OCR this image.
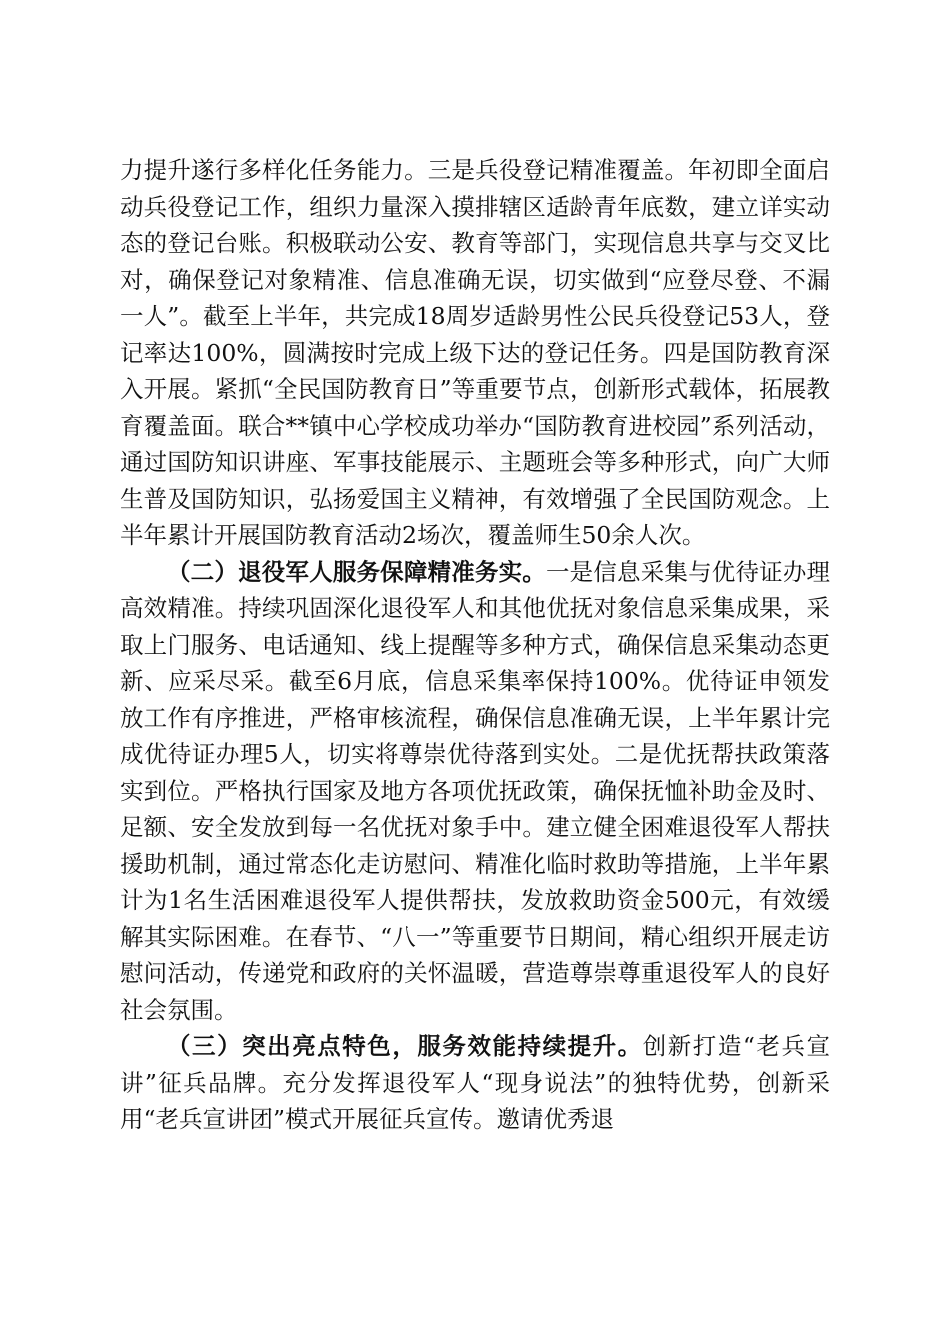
力提升遂行多样化任务能力。三是兵役登记精准覆盖。年初即全面启动兵役登记工作，组织力量深入摸排辖区适龄青年底数，建立详实动态的登记台账。积极联动公安、教育等部门，实现信息共享与交叉比对，确保登记对象精准、信息准确无误，切实做到“应登尽登、不漏一人”。截至上半年，共完成18周岁适龄男性公民兵役登记53人，登记率达100%，圆满按时完成上级下达的登记任务。四是国防教育深入开展。紧抓“全民国防教育日”等重要节点，创新形式载体，拓展教育覆盖面。联合**镇中心学校成功举办“国防教育进校园”系列活动，通过国防知识讲座、军事技能展示、主题班会等多种形式，向广大师生普及国防知识，弘扬爱国主义精神，有效增强了全民国防观念。上半年累计开展国防教育活动2场次，覆盖师生50余人次。

（二）退役军人服务保障精准务实。一是信息采集与优待证办理高效精准。持续巩固深化退役军人和其他优抚对象信息采集成果，采取上门服务、电话通知、线上提醒等多种方式，确保信息采集动态更新、应采尽采。截至6月底，信息采集率保持100%。优待证申领发放工作有序推进，严格审核流程，确保信息准确无误，上半年累计完成优待证办理5人，切实将尊崇优待落到实处。二是优抚帮扶政策落实到位。严格执行国家及地方各项优抚政策，确保抚恤补助金及时、足额、安全发放到每一名优抚对象手中。建立健全困难退役军人帮扶援助机制，通过常态化走访慰问、精准化临时救助等措施，上半年累计为1名生活困难退役军人提供帮扶，发放救助资金500元，有效缓解其实际困难。在春节、“八一”等重要节日期间，精心组织开展走访慰问活动，传递党和政府的关怀温暖，营造尊崇尊重退役军人的良好社会氛围。

（三）突出亮点特色，服务效能持续提升。创新打造“老兵宣讲”征兵品牌。充分发挥退役军人“现身说法”的独特优势，创新采用“老兵宣讲团”模式开展征兵宣传。邀请优秀退
